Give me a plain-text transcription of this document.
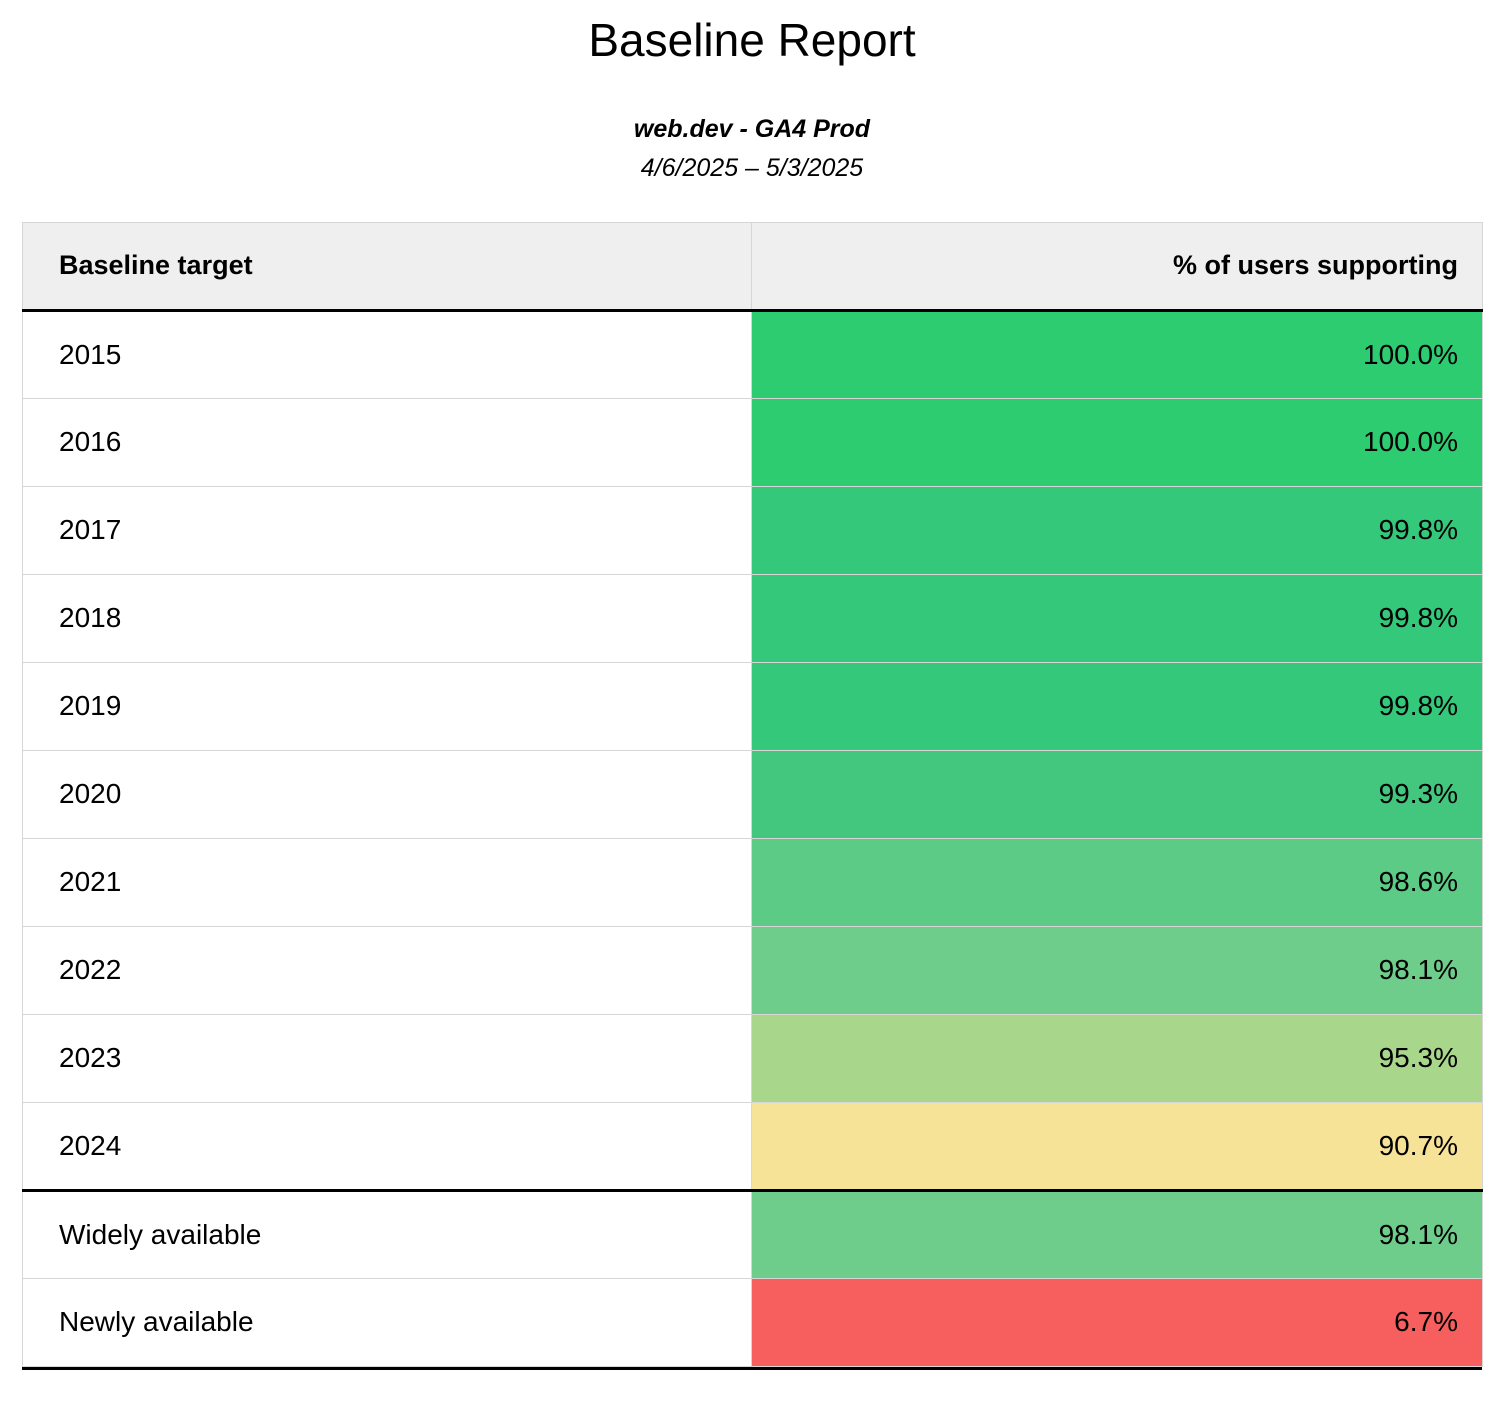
Baseline Report
web.dev - GA4 Prod
4/6/2025 – 5/3/2025
Baseline target	% of users supporting
2015	100.0%
2016	100.0%
2017	99.8%
2018	99.8%
2019	99.8%
2020	99.3%
2021	98.6%
2022	98.1%
2023	95.3%
2024	90.7%
Widely available	98.1%
Newly available	6.7%
